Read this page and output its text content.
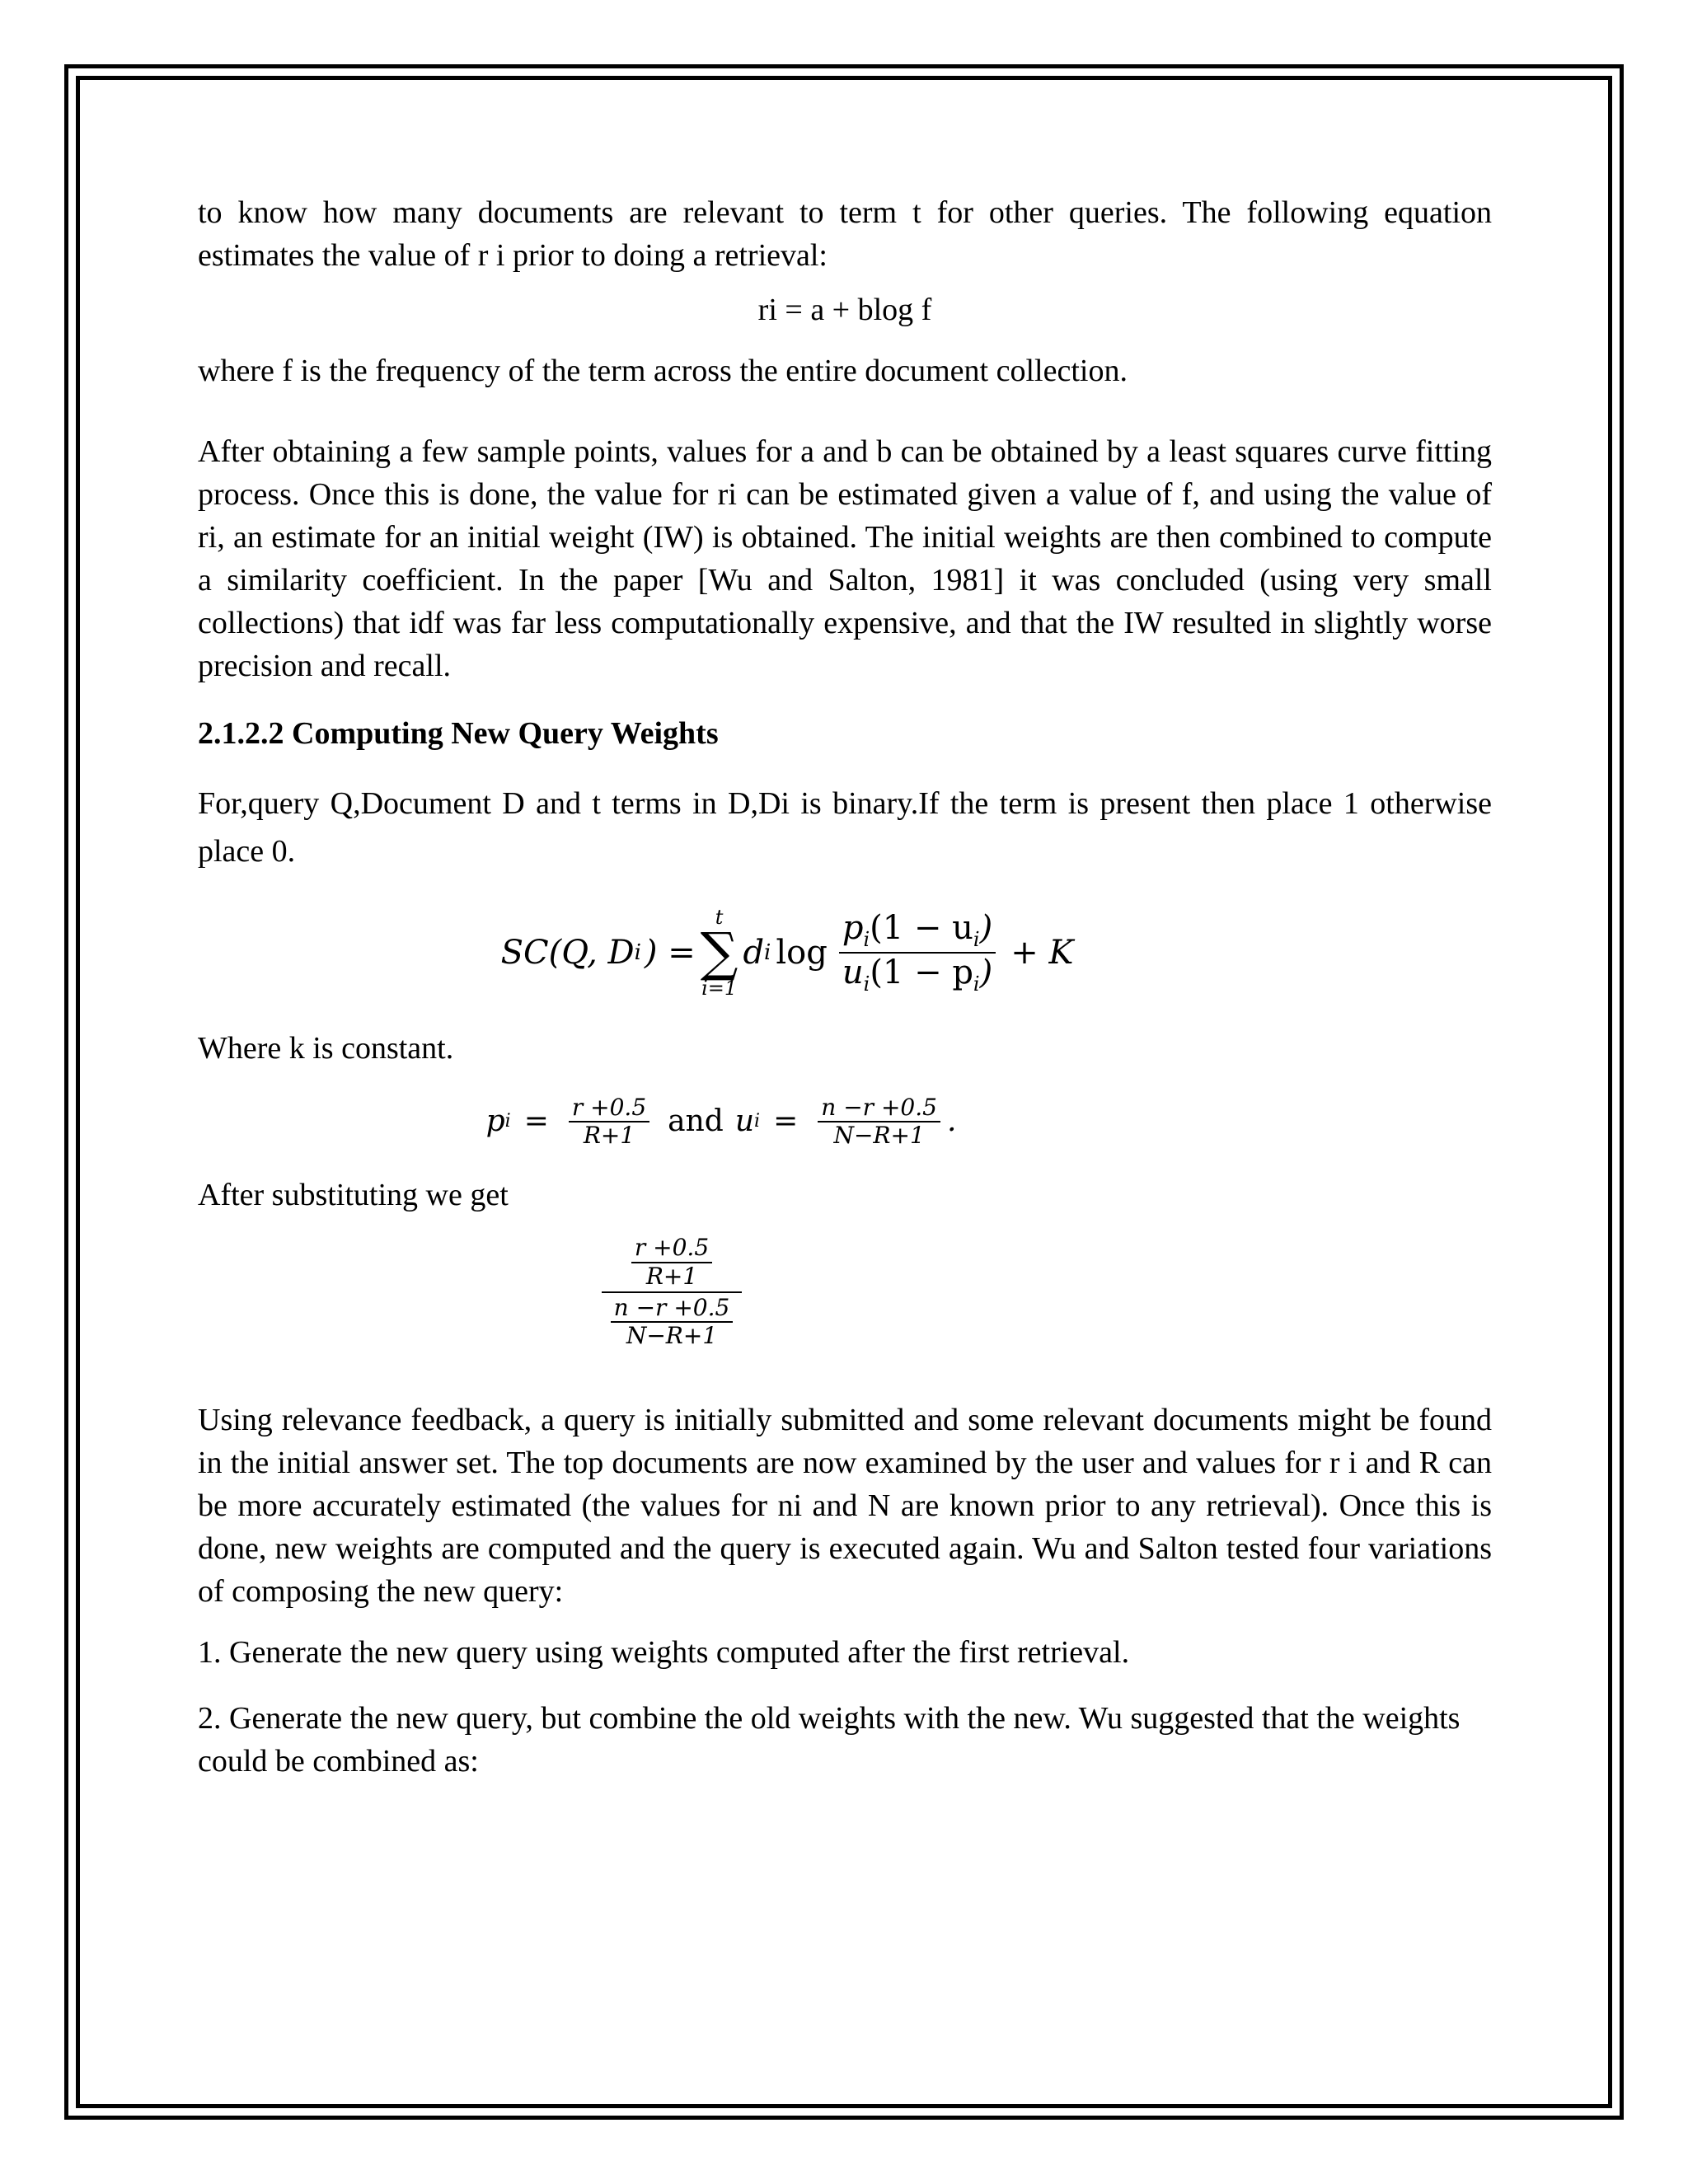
to know how many documents are relevant to term t for other queries. The following equation estimates the value of r i prior to doing a retrieval:

ri = a + blog f

where f is the frequency of the term across the entire document collection.

After obtaining a few sample points, values for a and b can be obtained by a least squares curve fitting process. Once this is done, the value for ri can be estimated given a value of f, and using the value of ri, an estimate for an initial weight (IW) is obtained. The initial weights are then combined to compute a similarity coefficient. In the paper [Wu and Salton, 1981] it was concluded (using very small collections) that idf was far less computationally expensive, and that the IW resulted in slightly worse precision and recall.

2.1.2.2 Computing New Query Weights

For,query Q,Document D and t terms in D,Di is binary.If the term is present then place 1 otherwise place 0.

SC(Q, D i ) =
t
∑
i=1
d i $\log \frac{p_i(1 - u_i)}{u_i(1 - p_i)} + K$

Where k is constant.

p $i = \frac{r +0.5}{R+1}$ and u $i = \frac{n -r +0.5}{N-R+1}$ .

After substituting we get

$\frac{\frac{r +0.5}{R+1}}{\frac{n -r +0.5}{N-R+1}}$

Using relevance feedback, a query is initially submitted and some relevant documents might be found in the initial answer set. The top documents are now examined by the user and values for r i and R can be more accurately estimated (the values for ni and N are known prior to any retrieval). Once this is done, new weights are computed and the query is executed again. Wu and Salton tested four variations of composing the new query:

1. Generate the new query using weights computed after the first retrieval.

2. Generate the new query, but combine the old weights with the new. Wu suggested that the weights could be combined as:
